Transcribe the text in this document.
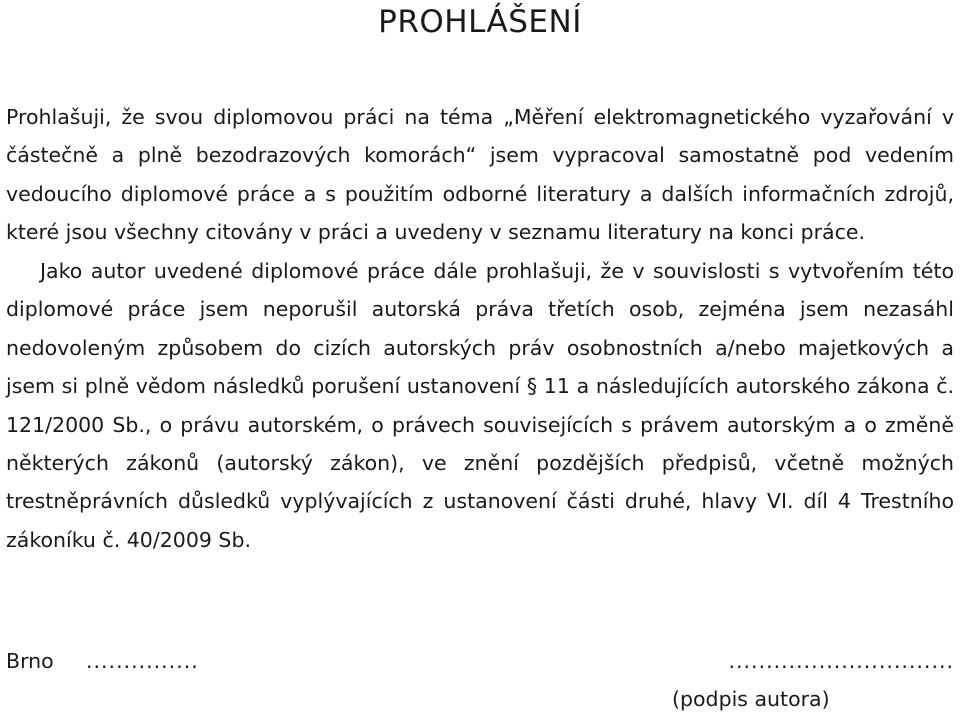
PROHLÁŠENÍ

Prohlašuji, že svou diplomovou práci na téma „Měření elektromagnetického vyzařování v částečně a plně bezodrazových komorách“ jsem vypracoval samostatně pod vedením vedoucího diplomové práce a s použitím odborné literatury a dalších informačních zdrojů, které jsou všechny citovány v práci a uvedeny v seznamu literatury na konci práce.

Jako autor uvedené diplomové práce dále prohlašuji, že v souvislosti s vytvořením této diplomové práce jsem neporušil autorská práva třetích osob, zejména jsem nezasáhl nedovoleným způsobem do cizích autorských práv osobnostních a/nebo majetkových a jsem si plně vědom následků porušení ustanovení § 11 a následujících autorského zákona č. 121/2000 Sb., o právu autorském, o právech souvisejících s právem autorským a o změně některých zákonů (autorský zákon), ve znění pozdějších předpisů, včetně možných trestněprávních důsledků vyplývajících z ustanovení části druhé, hlavy VI. díl 4 Trestního zákoníku č. 40/2009 Sb.

Brno ...............	..............................
(podpis autora)
